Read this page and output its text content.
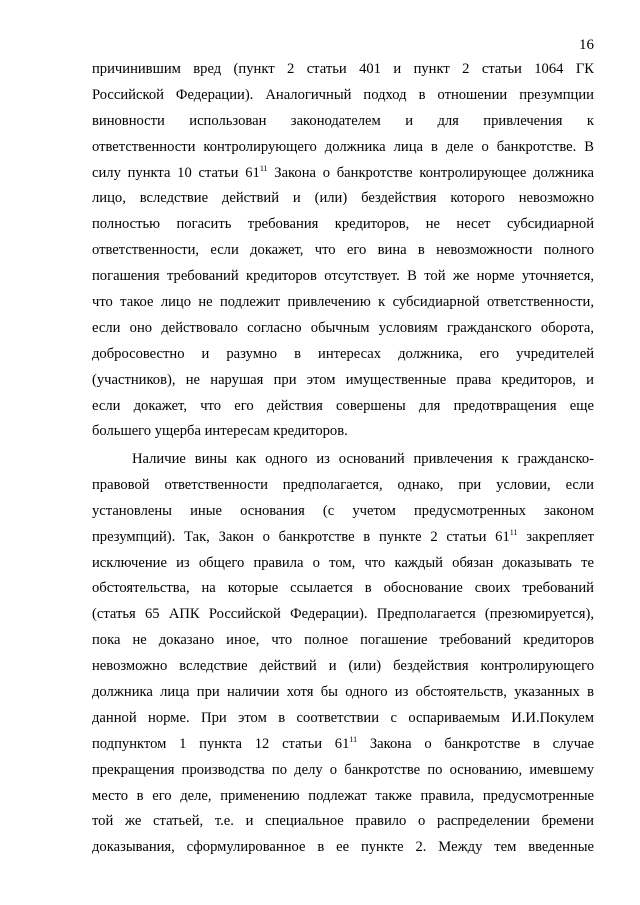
16
причинившим вред (пункт 2 статьи 401 и пункт 2 статьи 1064 ГК
Российской Федерации). Аналогичный подход в отношении презумпции
виновности использован законодателем и для привлечения к
ответственности контролирующего должника лица в деле о банкротстве. В
силу пункта 10 статьи $61^{11}$ Закона о банкротстве контролирующее должника
лицо, вследствие действий и (или) бездействия которого невозможно
полностью погасить требования кредиторов, не несет субсидиарной
ответственности, если докажет, что его вина в невозможности полного
погашения требований кредиторов отсутствует. В той же норме уточняется,
что такое лицо не подлежит привлечению к субсидиарной ответственности,
если оно действовало согласно обычным условиям гражданского оборота,
добросовестно и разумно в интересах должника, его учредителей
(участников), не нарушая при этом имущественные права кредиторов, и
если докажет, что его действия совершены для предотвращения еще
большего ущерба интересам кредиторов.
Наличие вины как одного из оснований привлечения к гражданско-
правовой ответственности предполагается, однако, при условии, если
установлены иные основания (с учетом предусмотренных законом
презумпций). Так, Закон о банкротстве в пункте 2 статьи $61^{11}$ закрепляет
исключение из общего правила о том, что каждый обязан доказывать те
обстоятельства, на которые ссылается в обоснование своих требований
(статья 65 АПК Российской Федерации). Предполагается (презюмируется),
пока не доказано иное, что полное погашение требований кредиторов
невозможно вследствие действий и (или) бездействия контролирующего
должника лица при наличии хотя бы одного из обстоятельств, указанных в
данной норме. При этом в соответствии с оспариваемым И.И.Покулем
подпунктом 1 пункта 12 статьи $61^{11}$ Закона о банкротстве в случае
прекращения производства по делу о банкротстве по основанию, имевшему
место в его деле, применению подлежат также правила, предусмотренные
той же статьей, т.е. и специальное правило о распределении бремени
доказывания, сформулированное в ее пункте 2. Между тем введенные
